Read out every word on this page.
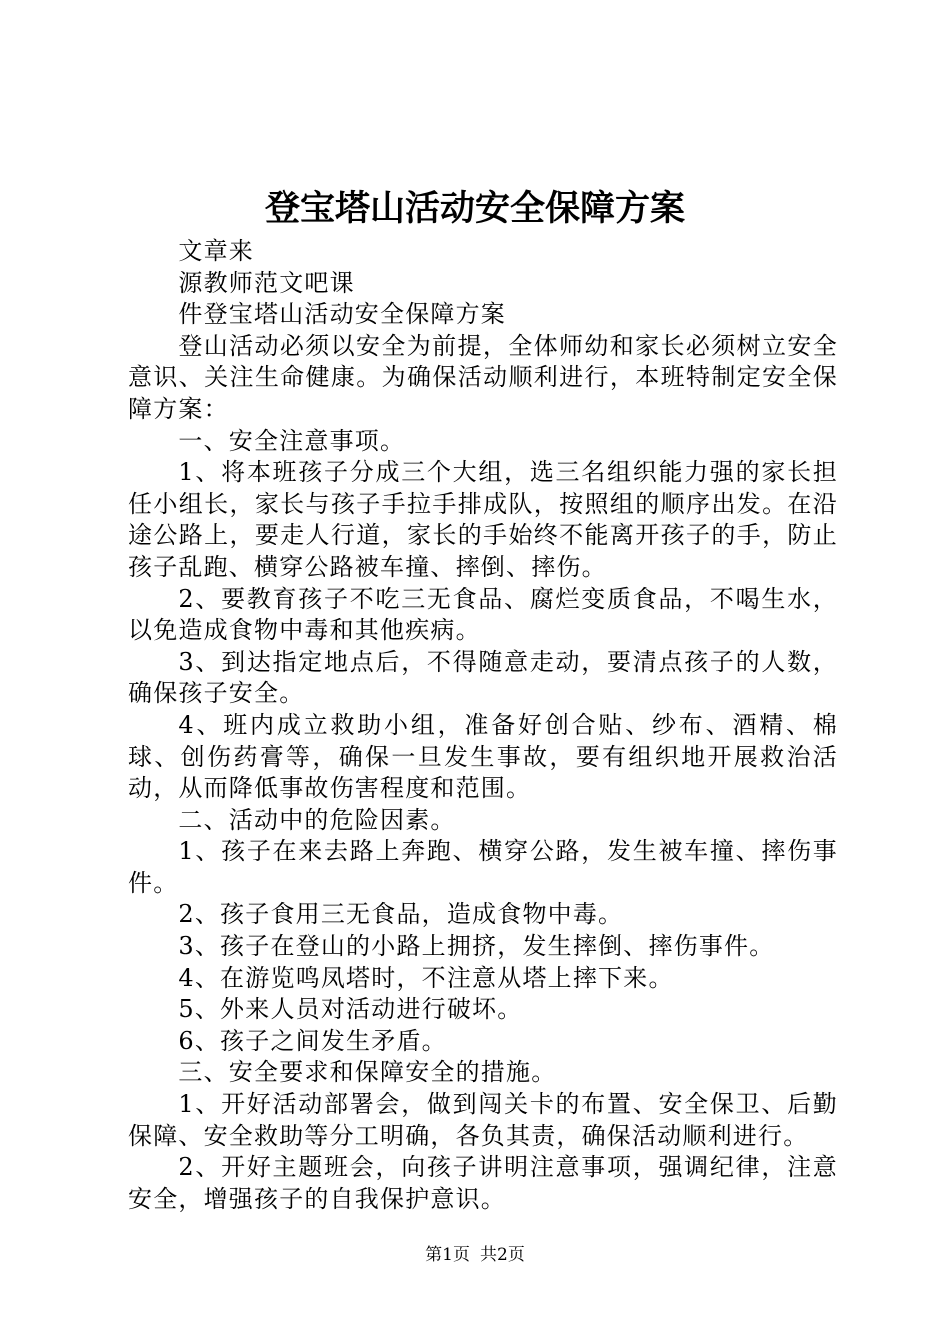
登宝塔山活动安全保障方案

文章来

源教师范文吧课

件登宝塔山活动安全保障方案

登山活动必须以安全为前提，全体师幼和家长必须树立安全意识、关注生命健康。为确保活动顺利进行，本班特制定安全保障方案：

一、安全注意事项。

1、将本班孩子分成三个大组，选三名组织能力强的家长担任小组长，家长与孩子手拉手排成队，按照组的顺序出发。在沿途公路上，要走人行道，家长的手始终不能离开孩子的手，防止孩子乱跑、横穿公路被车撞、摔倒、摔伤。

2、要教育孩子不吃三无食品、腐烂变质食品，不喝生水，以免造成食物中毒和其他疾病。

3、到达指定地点后，不得随意走动，要清点孩子的人数，确保孩子安全。

4、班内成立救助小组，准备好创合贴、纱布、酒精、棉球、创伤药膏等，确保一旦发生事故，要有组织地开展救治活动，从而降低事故伤害程度和范围。

二、活动中的危险因素。

1、孩子在来去路上奔跑、横穿公路，发生被车撞、摔伤事件。

2、孩子食用三无食品，造成食物中毒。

3、孩子在登山的小路上拥挤，发生摔倒、摔伤事件。

4、在游览鸣凤塔时，不注意从塔上摔下来。

5、外来人员对活动进行破坏。

6、孩子之间发生矛盾。

三、安全要求和保障安全的措施。

1、开好活动部署会，做到闯关卡的布置、安全保卫、后勤保障、安全救助等分工明确，各负其责，确保活动顺利进行。

2、开好主题班会，向孩子讲明注意事项，强调纪律，注意安全，增强孩子的自我保护意识。

第1页 共2页
